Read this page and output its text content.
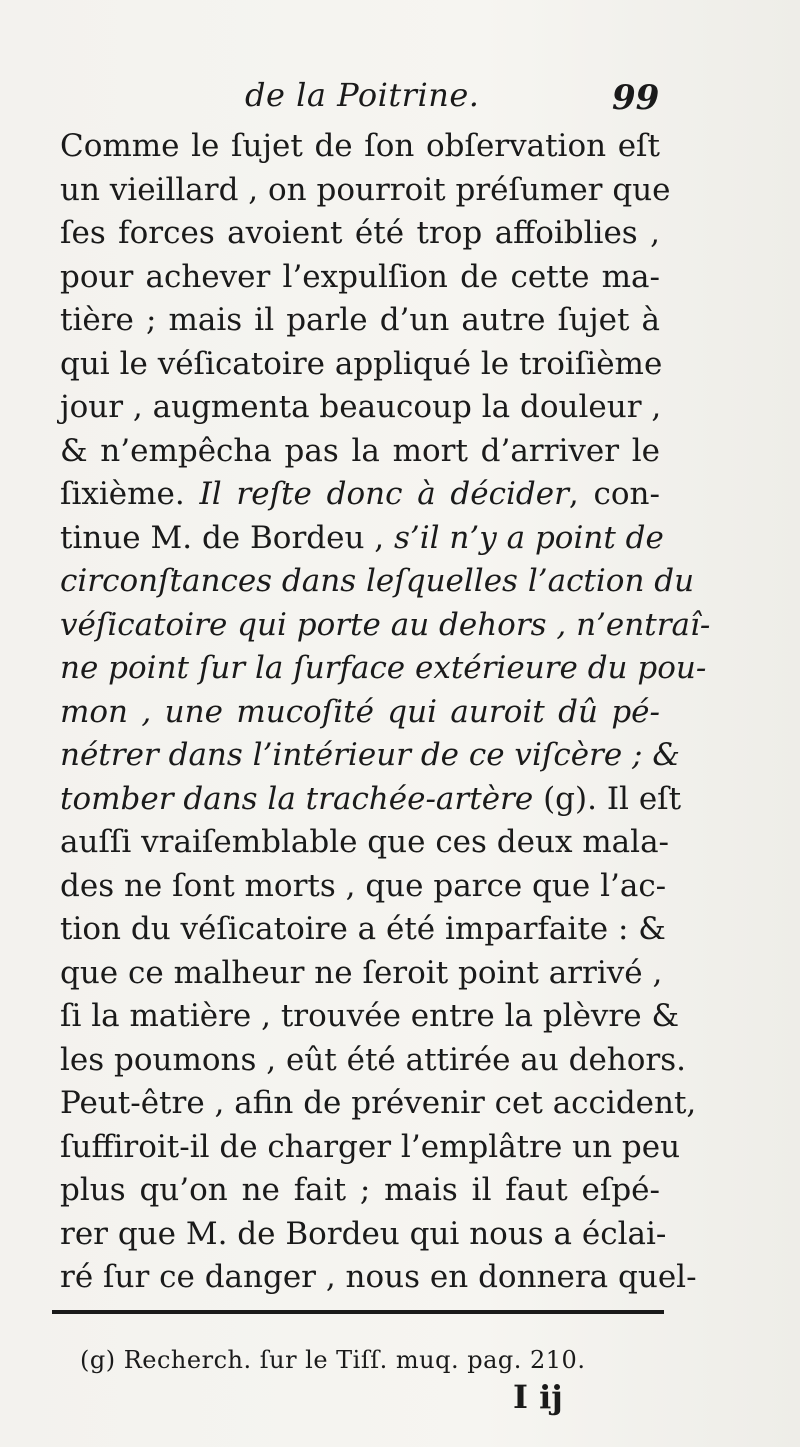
de la Poitrine.	99
Comme le ſujet de ſon obſervation eſt
un vieillard , on pourroit préſumer que
ſes forces avoient été trop affoiblies ,
pour achever l’expulſion de cette ma-
tière ; mais il parle d’un autre ſujet à
qui le véſicatoire appliqué le troiſième
jour , augmenta beaucoup la douleur ,
& n’empêcha pas la mort d’arriver le
ſixième. Il reſte donc à décider, con-
tinue M. de Bordeu , s’il n’y a point de
circonſtances dans leſquelles l’action du
véſicatoire qui porte au dehors , n’entraî-
ne point ſur la ſurface extérieure du pou-
mon , une mucoſité qui auroit dû pé-
nétrer dans l’intérieur de ce viſcère ; &
tomber dans la trachée-artère (g). Il eſt
auſſi vraiſemblable que ces deux mala-
des ne ſont morts , que parce que l’ac-
tion du véſicatoire a été imparfaite : &
que ce malheur ne ſeroit point arrivé ,
ſi la matière , trouvée entre la plèvre &
les poumons , eût été attirée au dehors.
Peut-être , afin de prévenir cet accident,
ſuffiroit-il de charger l’emplâtre un peu
plus qu’on ne fait ; mais il faut eſpé-
rer que M. de Bordeu qui nous a éclai-
ré ſur ce danger , nous en donnera quel-
(g) Recherch. ſur le Tiſſ. muq. pag. 210.
I ij
